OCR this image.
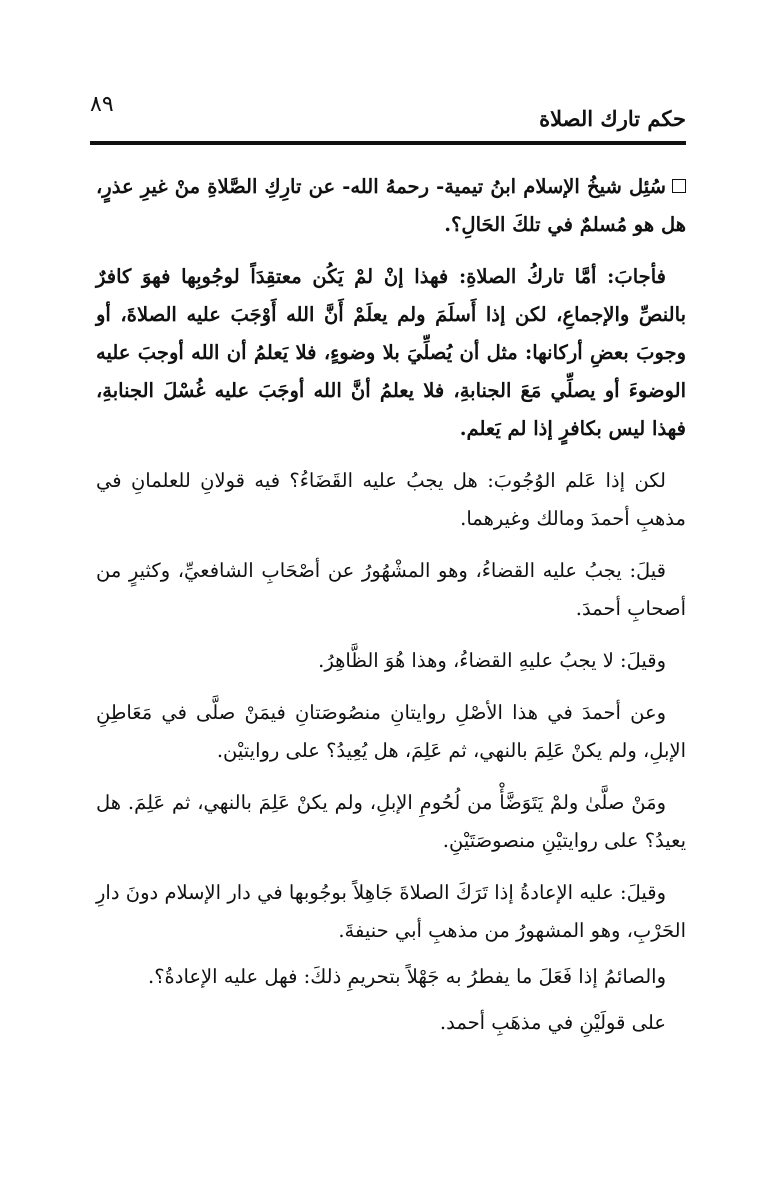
حكم تارك الصلاة
٨٩

سُئِل شيخُ الإسلام ابنُ تيمية- رحمهُ الله- عن تارِكِ الصَّلاةِ منْ غيرِ عذرٍ، هل هو مُسلمٌ في تلكَ الحَالِ؟.

فأجابَ: أمَّا تاركُ الصلاةِ: فهذا إنْ لمْ يَكُن معتقِدَاً لوجُوبِها فهوَ كافرٌ بالنصِّ والإجماعِ، لكن إذا أَسلَمَ ولم يعلَمْ أَنَّ الله أَوْجَبَ عليه الصلاةَ، أو وجوبَ بعضِ أركانها: مثل أن يُصلِّيَ بلا وضوءٍ، فلا يَعلمُ أن الله أوجبَ عليه الوضوءَ أو يصلِّي مَعَ الجنابةِ، فلا يعلمُ أنَّ الله أوجَبَ عليه غُسْلَ الجنابةِ، فهذا ليس بكافرٍ إذا لم يَعلم.

لكن إذا عَلم الوُجُوبَ: هل يجبُ عليه القَضَاءُ؟ فيه قولانِ للعلمانِ في مذهبِ أحمدَ ومالك وغيرهما.

قيلَ: يجبُ عليه القضاءُ، وهو المشْهُورُ عن أصْحَابِ الشافعيِّ، وكثيرٍ من أصحابِ أحمدَ.

وقيلَ: لا يجبُ عليهِ القضاءُ، وهذا هُوَ الظَّاهِرُ.

وعن أحمدَ في هذا الأصْلِ روايتانِ منصُوصَتانِ فيمَنْ صلَّى في مَعَاطِنِ الإبلِ، ولم يكنْ عَلِمَ بالنهي، ثم عَلِمَ، هل يُعِيدُ؟ على روايتيْن.

ومَنْ صلَّىٰ ولمْ يَتَوَضَّأْ من لُحُومِ الإبلِ، ولم يكنْ عَلِمَ بالنهي، ثم عَلِمَ. هل يعيدُ؟ على روايتيْنِ منصوصَتَيْنِ.

وقيلَ: عليه الإعادةُ إذا تَرَكَ الصلاةَ جَاهِلاً بوجُوبها في دار الإسلام دونَ دارِ الحَرْبِ، وهو المشهورُ من مذهبِ أبي حنيفةَ.

والصائمُ إذا فَعَلَ ما يفطرُ به جَهْلاً بتحريمِ ذلكَ: فهل عليه الإعادةُ؟.

على قولَيْنِ في مذهَبِ أحمد.
